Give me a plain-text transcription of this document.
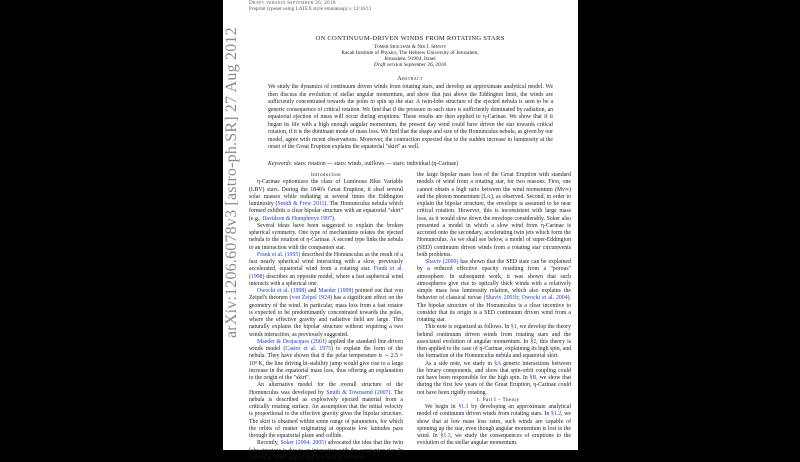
arXiv:1206.6078v3 [astro-ph.SR] 27 Aug 2012
Draft version September 26, 2018
Preprint typeset using LATEX style emulateapj v. 12/16/11
ON CONTINUUM-DRIVEN WINDS FROM ROTATING STARS
Tomer Shacham & Nir J. Shaviv
Racah Institute of Physics, The Hebrew University of Jerusalem,
Jerusalem, 91904, Israel
Draft version September 26, 2018
Abstract

We study the dynamics of continuum driven winds from rotating stars, and develop an approximate analytical model. We then discuss the evolution of stellar angular momentum, and show that just above the Eddington limit, the winds are sufficiently concentrated towards the poles to spin up the star. A twin-lobe structure of the ejected nebula is seen to be a generic consequence of critical rotation. We find that if the pressure in such stars is sufficiently dominated by radiation, an equatorial ejection of mass will occur during eruptions. These results are then applied to η-Carinae. We show that if it began its life with a high enough angular momentum, the present day wind could have driven the star towards critical rotation, if it is the dominant mode of mass loss. We find that the shape and size of the Homunculus nebula, as given by our model, agree with recent observations. Moreover, the contraction expected due to the sudden increase in luminosity at the onset of the Great Eruption explains the equatorial "skirt" as well.

Keywords: stars: rotation — stars: winds, outflows — stars: individual (η-Carinae)

Introduction

η-Carinae epitomizes the class of Luminous Blue Variable (LBV) stars. During the 1840's Great Eruption, it shed several solar masses while radiating at several times the Eddington luminosity (Smith & Frew 2011). The Homunculus nebula which formed exhibits a clear bipolar structure with an equatorial "skirt" (e.g., Davidson & Humphreys 1997).

Several ideas have been suggested to explain the broken spherical symmetry. One type of mechanisms relates the ejected nebula to the rotation of η-Carinae. A second type links the nebula to an interaction with the companion star.

Frank et al. (1995) described the Homunculus as the result of a fast nearly spherical wind interacting with a slow, previously accelerated, equatorial wind from a rotating star. Frank et al. (1998) describes an opposite model, where a fast aspherical wind interacts with a spherical one.

Owocki et al. (1998) and Maeder (1999) pointed out that von Zeipel's theorem (von Zeipel 1924) has a significant effect on the geometry of the wind. In particular, mass loss from a fast rotator is expected to be predominantly concentrated towards the poles, where the effective gravity and radiative field are large. This naturally explains the bipolar structure without requiring a two winds interaction, as previously suggested.

Maeder & Desjacques (2001) applied the standard line driven winds model (Castor et al. 1975) to explain the form of the nebula. They have shown that if the polar temperature is ∼ 2.5 × 10⁴ K, the line driving bi-stability jump would give rise to a large increase in the equatorial mass loss, thus offering an explanation to the origin of the "skirt".

An alternative model for the overall structure of the Homunculus was developed by Smith & Townsend (2007). The nebula is described as explosively ejected material from a critically rotating surface. An assumption that the initial velocity is proportional to the effective gravity gives the bipolar structure. The skirt is obtained within some range of parameters, for which the orbits of matter originating at opposite low latitudes pass through the equatorial plane and collide.

Recently, Soker (2004, 2005) advocated the idea that the twin lobe structure is due to an interaction with the companion star. In particular, Soker argued that it is hard to reconcile

the large bipolar mass loss of the Great Eruption with standard models of wind from a rotating star, for two reasons. First, one cannot obtain a high ratio between the wind momentum (Ṁv∞) and the photon momentum (L/c), as observed. Second, in order to explain the bipolar structure, the envelope is assumed to be near critical rotation. However, this is inconsistent with large mass loss, as it would slow down the envelope considerably. Soker also presented a model in which a slow wind from η-Carinae is accreted onto the secondary, accelerating twin jets which form the Homunculus. As we shall see below, a model of super-Eddington (SED) continuum driven winds from a rotating star circumvents both problems.

Shaviv (2000) has shown that the SED state can be explained by a reduced effective opacity resulting from a "porous" atmosphere. In subsequent work, it was shown that such atmospheres give rise to optically thick winds with a relatively simple mass loss luminosity relation, which also explains the behavior of classical novae (Shaviv 2001b; Owocki et al. 2004). The bipolar structure of the Homunculus is a clear incentive to consider that its origin is a SED continuum driven wind from a rotating star.

This note is organized as follows. In §1, we develop the theory behind continuum driven winds from rotating stars and the associated evolution of angular momentum. In §2, this theory is then applied to the case of η-Carinae, explaining its high spin, and the formation of the Homunculus nebula and equatorial skirt.

As a side note, we study in §A generic interactions between the binary components, and show that spin-orbit coupling could not have been responsible for the high spin. In §B, we show that during the first few years of the Great Eruption, η-Carinae could not have been rigidly rotating.

1. Part I – Theory

We begin in §1.1 by developing an approximate analytical model of continuum driven winds from rotating stars. In §1.2, we show that at low mass loss rates, such winds are capable of spinning up the star, even though angular momentum is lost to the wind. In §1.3, we study the consequences of eruptions to the evolution of the stellar angular momentum.
